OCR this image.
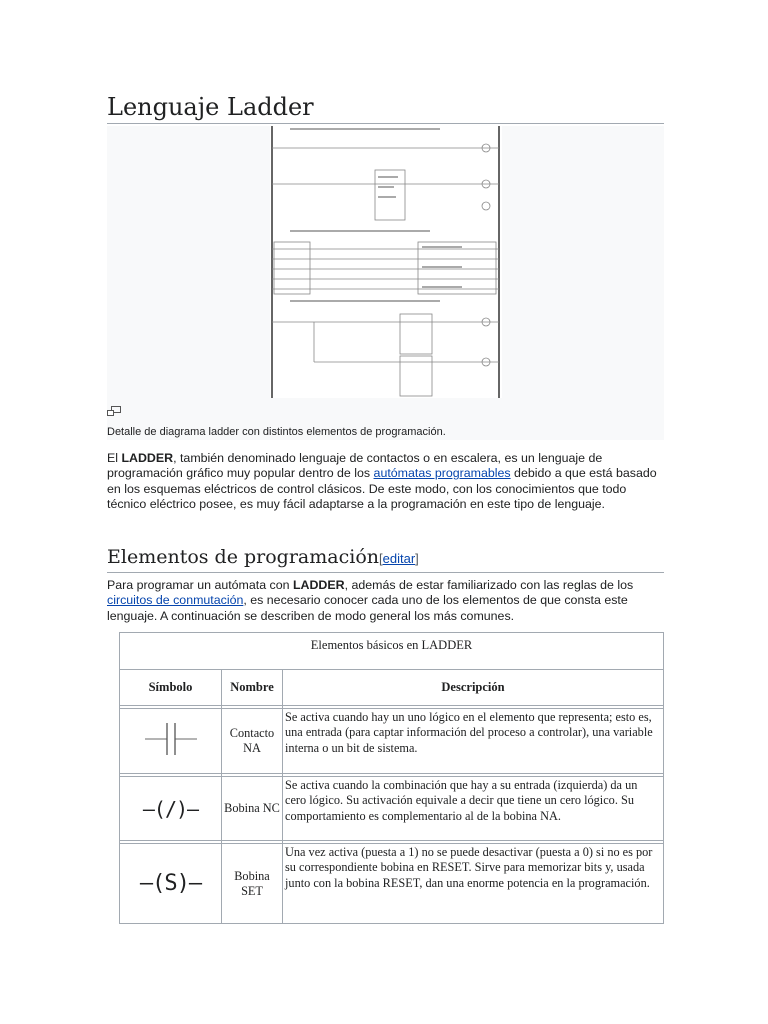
Lenguaje Ladder
Detalle de diagrama ladder con distintos elementos de programación.

El LADDER, también denominado lenguaje de contactos o en escalera, es un lenguaje de programación gráfico muy popular dentro de los autómatas programables debido a que está basado en los esquemas eléctricos de control clásicos. De este modo, con los conocimientos que todo técnico eléctrico posee, es muy fácil adaptarse a la programación en este tipo de lenguaje.

Elementos de programación[editar]

Para programar un autómata con LADDER, además de estar familiarizado con las reglas de los circuitos de conmutación, es necesario conocer cada uno de los elementos de que consta este lenguaje. A continuación se describen de modo general los más comunes.

Elementos básicos en LADDER
Símbolo	Nombre	Descripción

	Contacto NA	Se activa cuando hay un uno lógico en el elemento que representa; esto es, una entrada (para captar información del proceso a controlar), una variable interna o un bit de sistema.

—(/)—	Bobina NC	Se activa cuando la combinación que hay a su entrada (izquierda) da un cero lógico. Su activación equivale a decir que tiene un cero lógico. Su comportamiento es complementario al de la bobina NA.

—(S)—	Bobina SET	Una vez activa (puesta a 1) no se puede desactivar (puesta a 0) si no es por su correspondiente bobina en RESET. Sirve para memorizar bits y, usada junto con la bobina RESET, dan una enorme potencia en la programación.
